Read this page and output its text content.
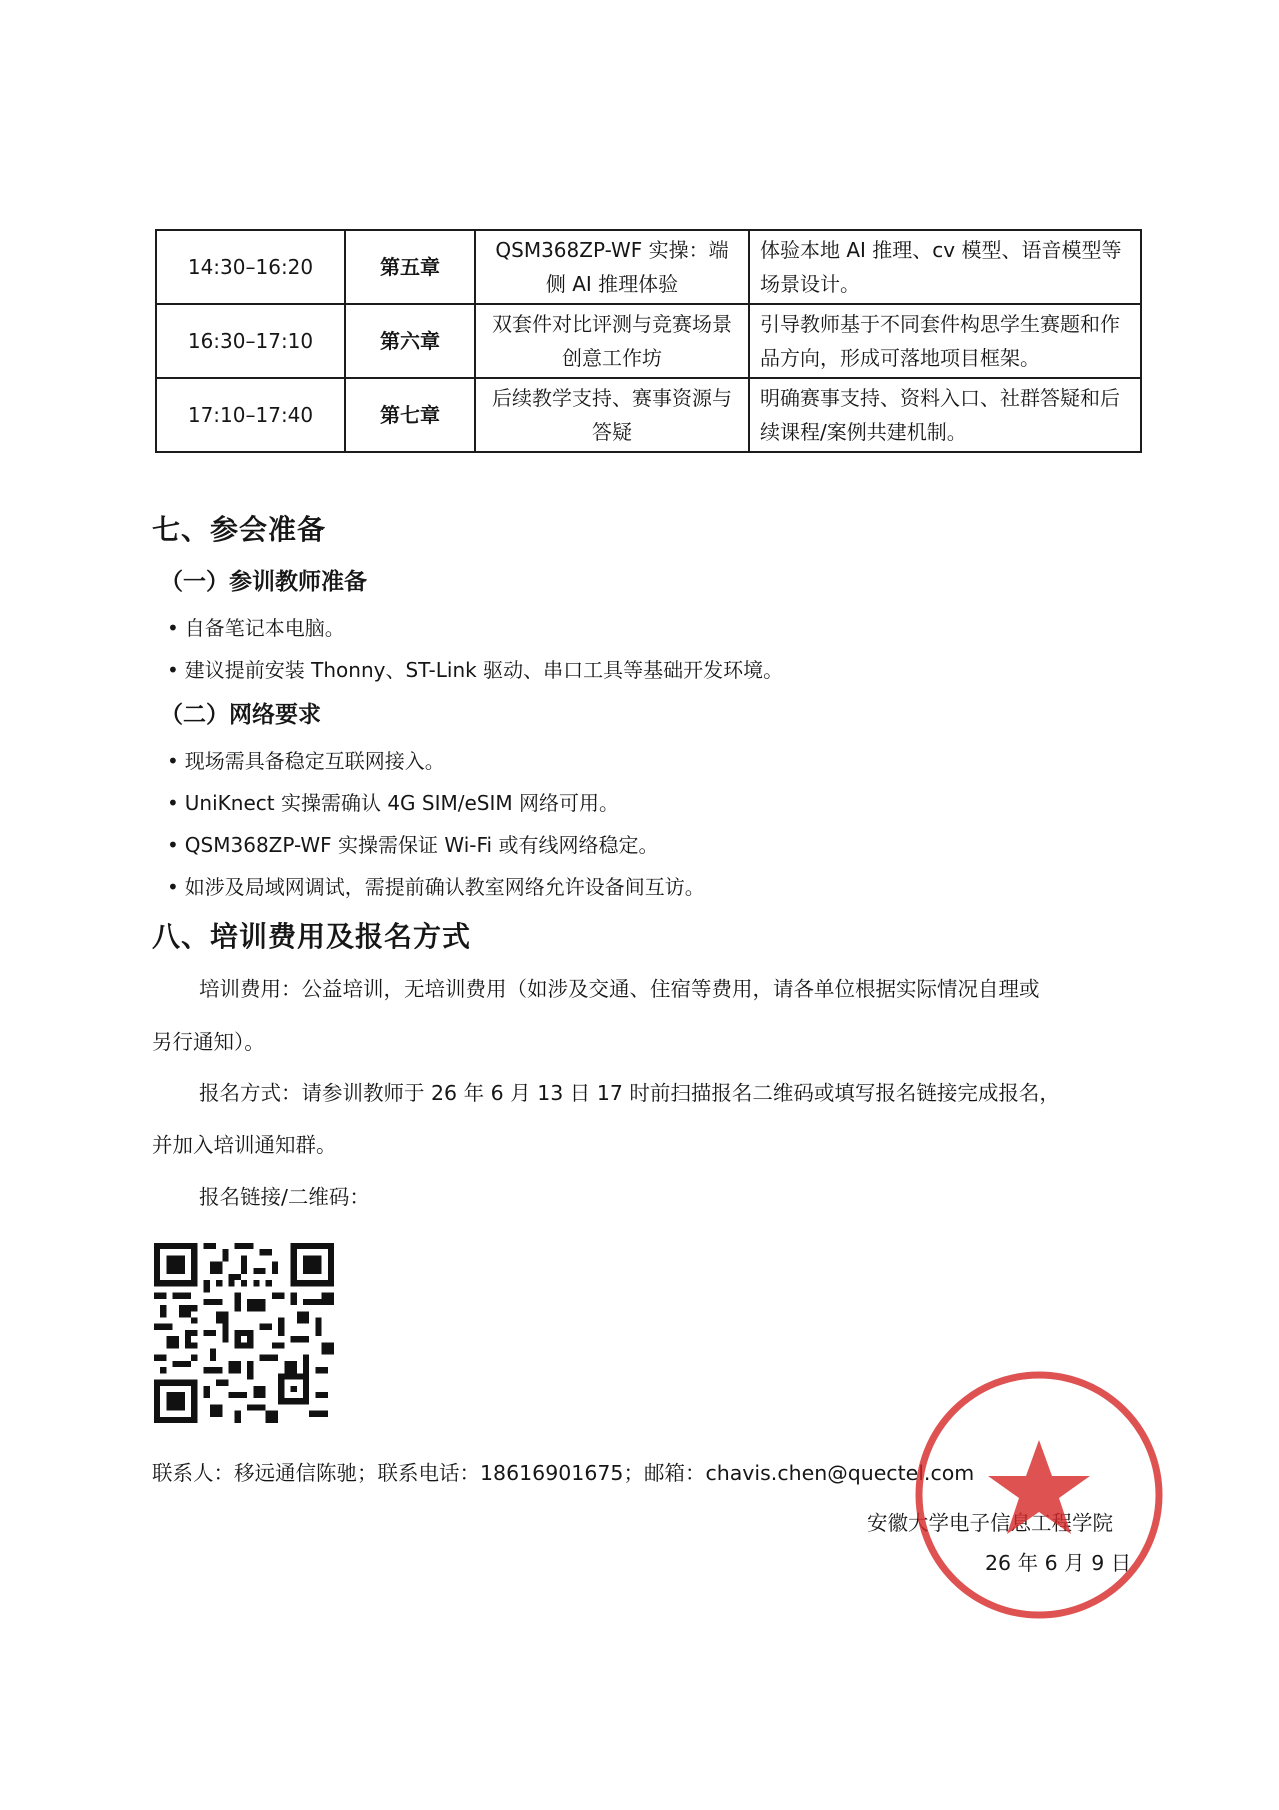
14:30–16:20	第五章	QSM368ZP-WF 实操：端侧 AI 推理体验	体验本地 AI 推理、cv 模型、语音模型等场景设计。
16:30–17:10	第六章	双套件对比评测与竞赛场景创意工作坊	引导教师基于不同套件构思学生赛题和作品方向，形成可落地项目框架。
17:10–17:40	第七章	后续教学支持、赛事资源与答疑	明确赛事支持、资料入口、社群答疑和后续课程/案例共建机制。
七、参会准备
（一）参训教师准备
• 自备笔记本电脑。
• 建议提前安装 Thonny、ST-Link 驱动、串口工具等基础开发环境。
（二）网络要求
• 现场需具备稳定互联网接入。
• UniKnect 实操需确认 4G SIM/eSIM 网络可用。
• QSM368ZP-WF 实操需保证 Wi-Fi 或有线网络稳定。
• 如涉及局域网调试，需提前确认教室网络允许设备间互访。
八、培训费用及报名方式
培训费用：公益培训，无培训费用（如涉及交通、住宿等费用，请各单位根据实际情况自理或
另行通知）。
报名方式：请参训教师于 26 年 6 月 13 日 17 时前扫描报名二维码或填写报名链接完成报名，
并加入培训通知群。
报名链接/二维码：
联系人：移远通信陈驰；联系电话：18616901675；邮箱：chavis.chen@quectel.com
安徽大学电子信息工程学院
26 年 6 月 9 日
